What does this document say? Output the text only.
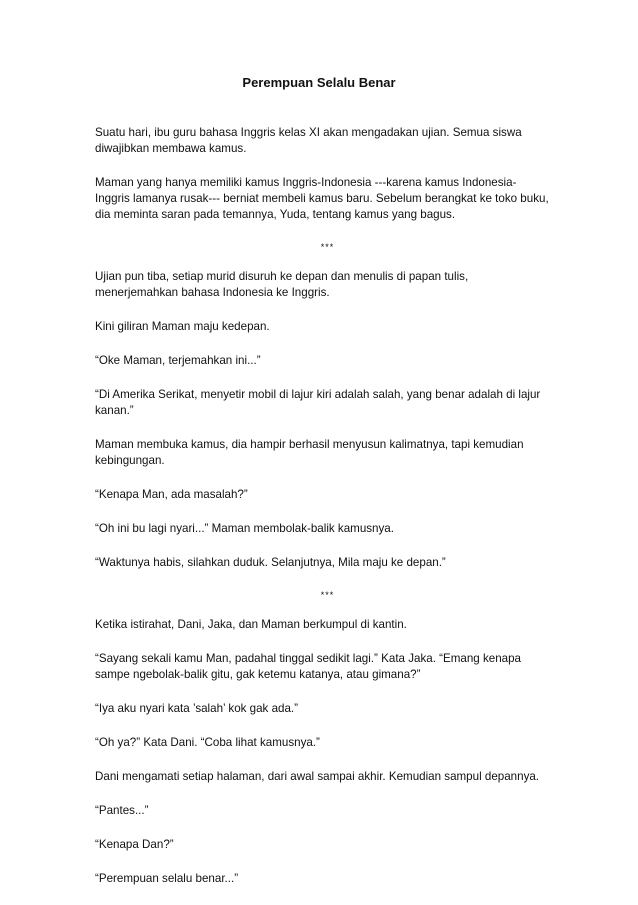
Perempuan Selalu Benar

Suatu hari, ibu guru bahasa Inggris kelas XI akan mengadakan ujian. Semua siswa
diwajibkan membawa kamus.

Maman yang hanya memiliki kamus Inggris-Indonesia ---karena kamus Indonesia-
Inggris lamanya rusak--- berniat membeli kamus baru. Sebelum berangkat ke toko buku,
dia meminta saran pada temannya, Yuda, tentang kamus yang bagus.

***

Ujian pun tiba, setiap murid disuruh ke depan dan menulis di papan tulis,
menerjemahkan bahasa Indonesia ke Inggris.

Kini giliran Maman maju kedepan.

“Oke Maman, terjemahkan ini...”

“Di Amerika Serikat, menyetir mobil di lajur kiri adalah salah, yang benar adalah di lajur
kanan.”

Maman membuka kamus, dia hampir berhasil menyusun kalimatnya, tapi kemudian
kebingungan.

“Kenapa Man, ada masalah?”

“Oh ini bu lagi nyari...” Maman membolak-balik kamusnya.

“Waktunya habis, silahkan duduk. Selanjutnya, Mila maju ke depan.”

***

Ketika istirahat, Dani, Jaka, dan Maman berkumpul di kantin.

“Sayang sekali kamu Man, padahal tinggal sedikit lagi.” Kata Jaka. “Emang kenapa
sampe ngebolak-balik gitu, gak ketemu katanya, atau gimana?”

“Iya aku nyari kata ’salah’ kok gak ada.”

“Oh ya?” Kata Dani. “Coba lihat kamusnya.”

Dani mengamati setiap halaman, dari awal sampai akhir. Kemudian sampul depannya.

“Pantes...”

“Kenapa Dan?”

“Perempuan selalu benar...”
